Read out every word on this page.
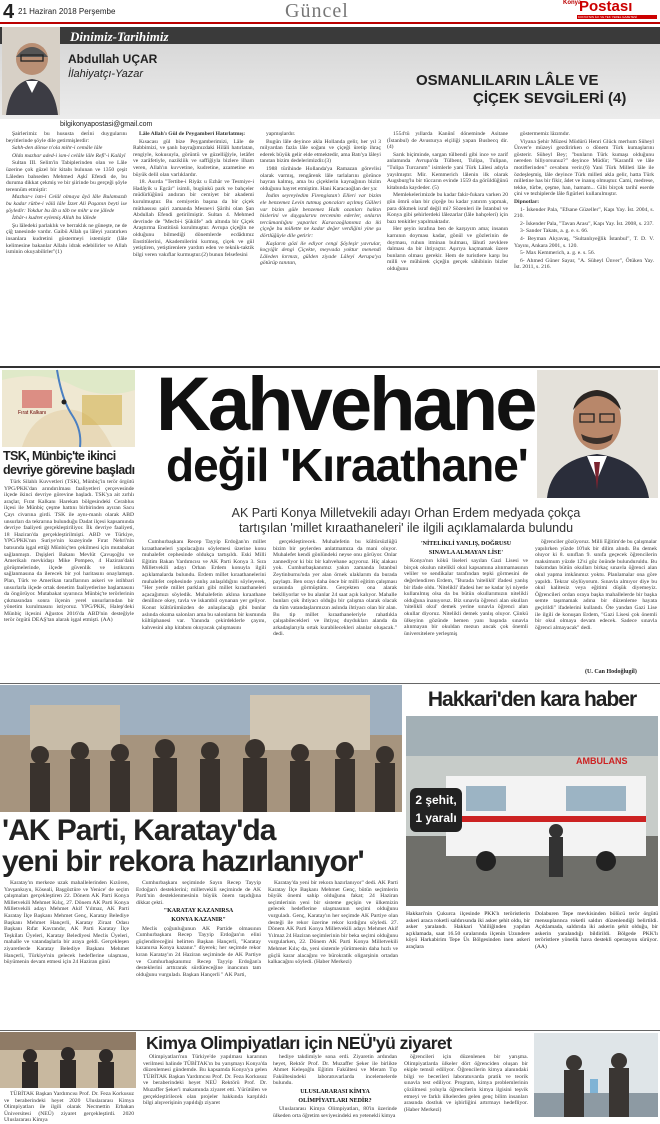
4 21 Haziran 2018 Perşembe	Güncel	Konya
Postası
KONYA'NIN İLK VE TEK YEREL GAZETESİ
Dinimiz-Tarihimiz
Abdullah UÇAR
İlahiyatçı-Yazar	OSMANLILARIN LÂLE VE
ÇİÇEK SEVGİLERİ (4)
bilgikonyapostasi@gmail.com

Şairlerimiz bu hususta deri̇ni duygularını beyitlerinde şöyle dile getirmişlerdir:

Sahh-den dönse n'ola mihr-i cemâle lâle

Olda mazhar aded-i ism-i celâle lâle Refî'-i Kalâyî

Sultan III. Selim'in Tabiplerinden olan ve Lâle üzerine çok güzel bir kitabı bulunan ve 1350 çeşit Lâleden bahseden Mehmed Aşkî Efendi de, bu duruma dikkat çekmiş ve bir şiirinde bu gerçeği şöyle terennüm etmiştir:

Mazhar-ı ism-i Celâl olmaya âyâ lâle Bulamazdı bu kadar rütbe-i vâlâ lâle İzzet Ali Paşanın beyti ise şöyledir: Yokdur bu âb u tâb ne mihr u ne jâlede

İzhâr-ı kudret eylemiş Allah bu lâlede

Şu lâledeki parlaklık ve berraklık ne güneşte, ne de çiğ tanesinde vardır. Gaibü Allah şu lâleyi yaratırken insanlara kudretini göstermeyi istemiştir (lâle kelimesine bakanlar Allahı idrak edebilirler ve Allah isminin okuyabilirler"(1)

Lâle Allah'ı Gül de Peygamberi Hatırlatmış:

Kısacası gül bize Peygamberimizi, Lâle de Rabbimizi, ve şanlı bayrağımızdaki Hilâli hatırlatan, rengiyle, kokusuyla, görüntü ve güzelliğiyle, letâfet ve zarâfetiyle, nazikliik ve saffiğiyla bizlere ilham veren, Allah'ın kuvvetine, kudretine, azametine en büyük delil olan varlıklardır.

18. Asırda "Tertibe-i Riyâz u Ezhâr ve Tesmiye-i Hadâyik u Egcâr" isimli, bugünkü park ve bahçeler müdürlüğünü andıran bir cemiyet bir akademi kurulmuştur. Bu cemiyetin başına da bir çiçek müthassısı şairi zamanda Mesnevi Şârihi olan Şan Abdullah Efendi getirilmiştir. Sultan 4. Mehmed devrinde de "Mecbi-i Şükûfe" adı altında bir Çiçek Araştırma Enstitüsü kurulmuştur. Avrupa çiçeğin ne olduğunu bilmediği dönemlerde ecdâdımız Enstitülerini, Akademilerini kurmuş, çiçek ve gül yetiştiren, yetiştirenlere yardım eden ve teknik-taktik bilgi veren vakıflar kurmuştur.(2) bunun felsefesini

yapmışlardır.

Bugün lâle deyince akla Hollanda gelir, her yıl 3 milyardan fazla lâle soğanı ve çiçeği üretip ihraç ederek büyük gelir elde etmektedir, ama Batı'ya lâleyi tanıtan bizim dedelerimizdir.(3)

1988 türihinde Hollanda'ya Ramazan görevlisi olarak varmış, rengârenk lâle tarlalarını görünce hayran kalmış, ama bu çiçeklerin kaynağının bizim olduğunu hayret etmiştim. Hani Karacaoğlan der ya:

İndim seyreyledim Firengistan'ı Elleri var bizim ele benzemez Levin tutmuş goncaları açılmış Gülleri var bizim güle benzemez Halk ozanları halkın hislerini ve duygularını tercemim ederler, onların tercümanlığını yaparlar. Karacaoğlanımız da iki çiçeğe bu millette ne kadar değer verdiğini yine şu dörtlüğüyle dile getirir:

Kaşların gözi ile ediyor cengi Şöyleşir yavrular, koçyiğit dengi Çiçekte, meyvada yoktur menendi Lâleden kırmızı, gülden ziyade Lâleyi Avrupa'ya götürüp tanıtan,

1554'tü yıllarda Kanûnî döneminde Asitane (İstanbul) de Avusturya elçiliği yapan Busbecq dir. (4)

Sarık biçiminde, sargan tülbendi gibi ince ve zarif anlamında Avrupa'da Tülbent, Tulipa, Tulipan, "Tulipa Turcarum" isimlerle yani Türk Lâlesi adıyla yayılmıştır. Mir. Kemmerich lâlenin ilk olarak Augsburg'lu bir tüccarın evinde 1559 da görüldüğünü kitabında kaydeder. (5)

Memlekelerimizde bu kadar fakir-fukara varken 20 gün ömrü olan bir çiçeğe bu kadar yatırım yapmak, para dökmek israf değil mi? Sözenleri ile İstanbul ve Konya gibi şehirlerdeki lâlezarlar (lâle bahçeleri) için bazı tenkitler yapılmaktadır.

Her şeyin israfına ben de karşıyım ama; insanın karnının doyması kadar, gönül ve gözlerinin de doyması, ruhun itminan bulması, lâhutî zevklere dalması da bir ihtiyaçtır. Aşırıya kaçmamak üzere bunların olması gerekir. Hem de turistlere karşı bu milli ve mühürek çiçeğin gerçek sâhibinin bizler olduğunu

göstermemiz lâzımdır.

Viyana Şehir Müzesi Müdürü Henri Glück merhum Süheyl Ünver'e müzeyi gezdirirken o dönem Türk kumaşlarını gösterir. Süheyl Bey; "bunların Türk kumaşı olduğunu nereden biliyorsunuz?" deyince Müdür; "Karanfil ve lâle motiflerinden" cevabını verir.(6) Yani Türk Milleti lâle ile özdeşleşmiş, lâle deyince Türk milleti akla gelir, hatta Türk milletine has bir fikir, âdet ve inanış olmuştur. Cami, medrese, tekke, türbe, çeşme, han, hamam... Gibi birçok tarihî eserde çini ve tezhiplerde lâle figürleri kullanılmıştır.

Dipnotlar:

1- İskender Pala, "Efsane Güzeller", Kapı Yay. İst. 2004, s. 210.

2- İskender Pala, "Tavan Arası", Kapı Yay. İst. 2008, s. 237.

3- Sander Takats, a. g. e. s. 66.

4- Beyman Akyavaş, "Sultanlıyeğlik İstanbul", T. D. V. Yayını, Ankara 2001, s. 120.

5- Max Kemmerich, a. g. e. s. 56.

6- Ahmed Güner Sayar, "A. Süheyl Ünver", Ötüken Yay. İst. 2011, s. 216.

Fırat Kalkanı
TSK, Münbiç'te ikinci
devriye görevine başladı

Türk Silahlı Kuvvetleri (TSK), Münbiç'in terör örgütü YPG/PKK'dan arındırılması faaliyetleri çerçevesinde ilçede ikinci devriye görevine başladı. TSK'ya ait zırhlı araçlar, Fırat Kalkanı Harekatı bölgesindeki Cerablus ilçesi ile Münbiç çeşme hattını birbirinden ayıran Sacu Çayı civarına girdi. TSK ile aynı-manlı olarak ABD unsurları da tekrarına bulunduğu Dadat ilçesi kapsamında devriye faaliyeti gerçekleştiriliyor. İlk devriye faaliyeti, 18 Haziran'da gerçekleştirilmişti. ABD ve Türkiye, YPG/PKK'nın Suriye'nin kuzeyinde Fırat Nehri'nin batısında işgal ettiği Münbiç'ten çekilmesi için mutabakat sağlanmıştı. Dışişleri Bakanı Mevlüt Çavuşoğlu ve Amerikalı mevkidaşı Mike Pompeo, 4 Haziran'daki görüşmelerinde, ilçede güvenlik ve istikrarın sağlanmasına da ilerecek bir yol haritasını onaylamıştı. Plan, Türk ve Amerikan taraflarının askeri ve istihbari unsurlarla ilçede ortak denetim faaliyetlerine başlamasını da öngörüyor. Mutabakat uyarınca Münbiç'te terörlerinin çıkmasından sonra ilçenin yerel unsurlarından bir yönetim kurulmasını istiyoruz. YPG/PKK, Halep'deki Münbiç ilçesini Ağustos 2016'da ABD'nin desteğiyle terör örgütü DEAŞ'tan alarak işgal etmişti. (AA)

Kahvehane
değil 'Kıraathane'
AK Parti Konya Milletvekili adayı Orhan Erdem medyada çokça
tartışılan 'millet kıraathaneleri' ile ilgili açıklamalarda bulundu

Cumhurbaşkanı Recep Tayyip Erdoğan'ın millet kıraathaneleri yapılacağını söylemesi üzerine konu muhalefet cephesinde oldukça tartışıldı. Eski Milli Eğitim Bakan Yardımcısı ve AK Parti Konya 3. Sıra Milletvekili adayı Orhan Erdem konuyla ilgili açıklamalarda bulundu. Erdem millet kıraathanelerini muhalefet cephesinde yanlış anlaşıldığını söyleyerek, "Her yerde millet parkları gibi millet kıraathaneleri açacağımızı söyledik. Muhalefetin aklına kıraathane denilince okey, tavla ve iskambil oynanan yer geliyor. Konut kültürümüzden de anlaşılacağı gibi bunlar aslında okuma salonları ama bu salonların bir kısmında kültüphanesi var. Yanında çekirdeklerle çayını, kahvesini alıp kitabını okuyacak çalışmasını

gerçekleştirecek. Muhalefetin bu kültürsüzlüğü bizim bir şeylerden anlatmamıza da mani oluyor. Muhalefet kendi gönlündeki neyse onu görüyor. Onlar zannediyor ki biz bir kahvehane açıyoruz. Hiç alakası yok. Cumhurbaşkanımız yakın zamanda İstanbul Zeytinburnu'nda yer alan örnek ulaklarım da burada paylaştı. Ben orayı daha önce bir milli eğitim çalışması sırasında görmüştüm. Gerçekten ona alarak beklliyorlar ve bu alanlar 24 saat açık kalıyor. Mahalle bunları çok ihtiyacı olduğu bir çalışma olarak olacak da tüm vatandaşlarımızın aslında ihtiyacı olan bir alan. Bu tip millet kıraathaneleriyle rahatlıkla çalışabilecekleri ve ihtiyaç duydukları alanda da arkadaşlarıyla ortak kurabilecekleri alanlar oluşacak." dedi.

'NİTELİKLİ YANLIŞ, DOĞRUSU
SINAVLA ALMAYAN LİSE'

Konya'nın kökü liseleri sayılan Gazi Lisesi ve birçok okulun nitelikli okul kapsamına alınmamasının veliler ve sendikalar tarafından tepki görmesini de değerlendiren Erdem, "Burada 'nitelikli' ifadesi yanlış bir ifade oldu. 'Nitelikli' ifadesi her ne kadar iyi niyetle kullanılmış olsa da bu bütün okullarımızın nitelikli olduğuna inanıyoruz. Biz sınavla öğrenci alan okulları 'nitelikli okul' demek yerine sınavla öğrenci alan okullar diyoruz. Nitelikli demek yanlış oluyor. Çünkü ülkeyinn gözünde hemen yanı başında sınavla alınmayan bir okuldan mezun ancak çok önemli üniversitelere yerleşmiş

öğrenciler gözüyoruz. Milli Eğitim'de bu çalışmalar yapılırken yüzde 10'luk bir dilim alındı. Bu demek oluyor ki 8. sınıflan 9. sınıfa geçecek öğrencilerin maksimum yüzde 12'si göz önünde bulunduruldu. Bu bakımdan bütün okulları birkaç sınavla öğrenci alan okul yapma imkânımız yoktu. Planlamalar ona göre yapıldı. Tekrar söylüyorum. Sınavla almıyor diye bu okul kalitesiz veya eğitimi düşük diyemeyiz. Öğrencileri ordan oraya başka mahallelerde bir başka semte taşımamak adına bir düzenleme hayata geçirildi" ifadelerini kullandı. Öte yandan Gazi Lise ile ilgili de konuşan Erdem, "Gazi Lisesi çok önemli bir okul olmaya devam edecek. Sadece sınavla öğrenci almayacak" dedi.

(U. Can Hodoğlugil)
'AK Parti, Karatay'da
yeni bir rekora hazırlanıyor'

Karatay'ın merkeze uzak mahallelerinden Kızören, Yavşankuyu, Köseali, Başgöztüre ve Yenice' de seçim çalışmaları gerçekleştiren 22. Dönem AK Parti Konya Milletvekili Mehmet Kılıç, 27. Dönem AK Parti Konya Milletvekili adayı Mehmet Akif Yılmaz, AK Parti Karatay İlçe Başkanı Mehmet Genç, Karatay Belediye Başkanı Mehmet Hançerli, Karatay Ziraat Odası Başkanı Rıfat Kavrandır, AK Parti Karatay İlçe Teşkilatı Üyeleri, Karatay Belediyesi Meclis Üyeleri, mahalle ve vatandaşlarla bir araya geldi. Gerçekleşen ziyaretlerde Karatay Belediye Başkanı Mehmet Hançerli, Türkiye'nin gelecek hedeflerine ulaşması, büyümenin devam etmesi için 24 Haziran günü

Cumhurbaşkanı seçiminde Sayın Recep Tayyip Erdoğan'ı desteklerini; milletvekili seçiminde de AK Parti'nin desteklenmesinin büyük önem taşıdığına dikkat çekti.

"KARATAY KAZANIRSA
KONYA KAZANIR"

Meclis çoğunluğunun AK Partide olmasının Cumhurbaşkanı Recep Tayyip Erdoğan'ın elini güçlendireceğini belirten Başkan Hançerli, "Karatay kazanırsa Konya kazanır." diyerek; her seçimde rekor kıran Karatay'ın 24 Haziran seçiminde de AK Partiye ve Cumhurbaşkanımız Recep Tayyip Erdoğan'a desteklerini arttırarak sürdüreceğine inancının tam olduğunu vurguladı. Başkan Hançerli " AK Parti,

Karatay'da yeni bir rekora hazırlanıyor" dedi. AK Parti Karatay İlçe Başkanı Mehmet Genç, bütün seçimlerin büyük önemi sahip olduğunu fakat; 24 Haziran seçimlerinin yeni bir sisteme geçişin ve ülkemizin gelecek hedeflerine ulaşmasının seçimi olduğunu vurguladı. Genç, Karatay'ın her seçimde AK Partiye olan desteği ile rekor üzerine rekor kırdığını söyledi. 27. Dönem AK Parti Konya Milletvekili adayı Mehmet Akif Yılmaz 24 Haziran seçimlerinin bir beka seçimi olduğunu vurgularken, 22. Dönem AK Parti Konya Milletvekili Mehmet Kılıç da, yeni sistemle yürütmenin daha hızlı ve güçlü karar alacağını ve bürokratik oligarşinin ortadan kalkacağını söyledi. (Haber Merkezi)

Hakkari'den kara haber
AMBULANS
2 şehit,
1 yaralı
Hakkari'nin Çukurca ilçesinde PKK'lı teröristlerin askeri araca roketli saldırısında iki asker şehit oldu, bir asker yaralandı. Hakkari Valiliğinden yapılan açıklamada, saat 16.50 sıralarında ilçenin Uzundere köyü Harkabirim Tepe Üs Bölgesinden inen askeri araçlara
Dolaburen Tepe mevkisinden bölücü terör örgütü mensuplarınca roketli saldırı düzenlendiği belirtildi. Açıklamada, saldırıda iki askerin şehit olduğu, bir askerin yaralandığı bildirildi. Bölgede PKK'lı teröristlere yönelik hava destekli operasyon sürüyor. (AA)
Kimya Olimpiyatları için NEÜ'yü ziyaret

TÜBİTAK Başkan Yardımcısı Prof. Dr. Feza Korkusuz ve beraberindeki heyet 2020 Uluslararası Kimya Olimpiyatları ile ilgili olarak Necmettin Erbakan Üniversitesi (NEÜ) ziyaret gerçekleştirdi. 2020 Uluslararası Kimya

Olimpiyatları'nın Türkiye'de yapılması kararının verilmesi halinde TÜBİTAK'ın bu yarışmayı Konya'da düzenlemesi gündemde. Bu kapsamda Konya'ya gelen TÜBİTAK Başkan Yardımcısı Prof. Dr. Feza Korkusuz ve beraberindeki heyet NEÜ Rektörü Prof. Dr. Muzaffer Şeker'i makamında ziyaret etti. Yürütülen ve gerçekleştirilecek olan projeler hakkında karşılıklı bilgi alışverişinin yapıldığı ziyaret

hediye takdimiyle sona erdi. Ziyaretin ardından heyet, Rektör Prof. Dr. Muzaffer Şeker ile birlikte Ahmet Keleşoğlu Eğitim Fakültesi ve Meram Tıp Fakültesindeki laboratuvarlarda incelemelerde bulundu.

ULUSLARARASI KİMYA
OLİMPİYATLARI NEDİR?

Uluslararası Kimya Olimpiyatları, 80'in üzerinde ülkeden orta öğretim seviyesindeki en yetenekli kimya

öğrencileri için düzenlenen bir yarışma. Olimpiyatlarda ülkeler dört öğrenciden oluşan bir ekiple temsil ediliyor. Öğrencilerin kimya alanındaki bilgi ve becerileri laboratuvarda pratik ve teorik sınavla test ediliyor. Program, kimya problemlerinin çözülmesi yoluyla öğrencilerin kimya ilgisini teşvik etmeyi ve farklı ülkelerden gelen genç bilim insanları arasında dostluk ve işbirliğini artırmayı hedefliyor. (Haber Merkezi)
